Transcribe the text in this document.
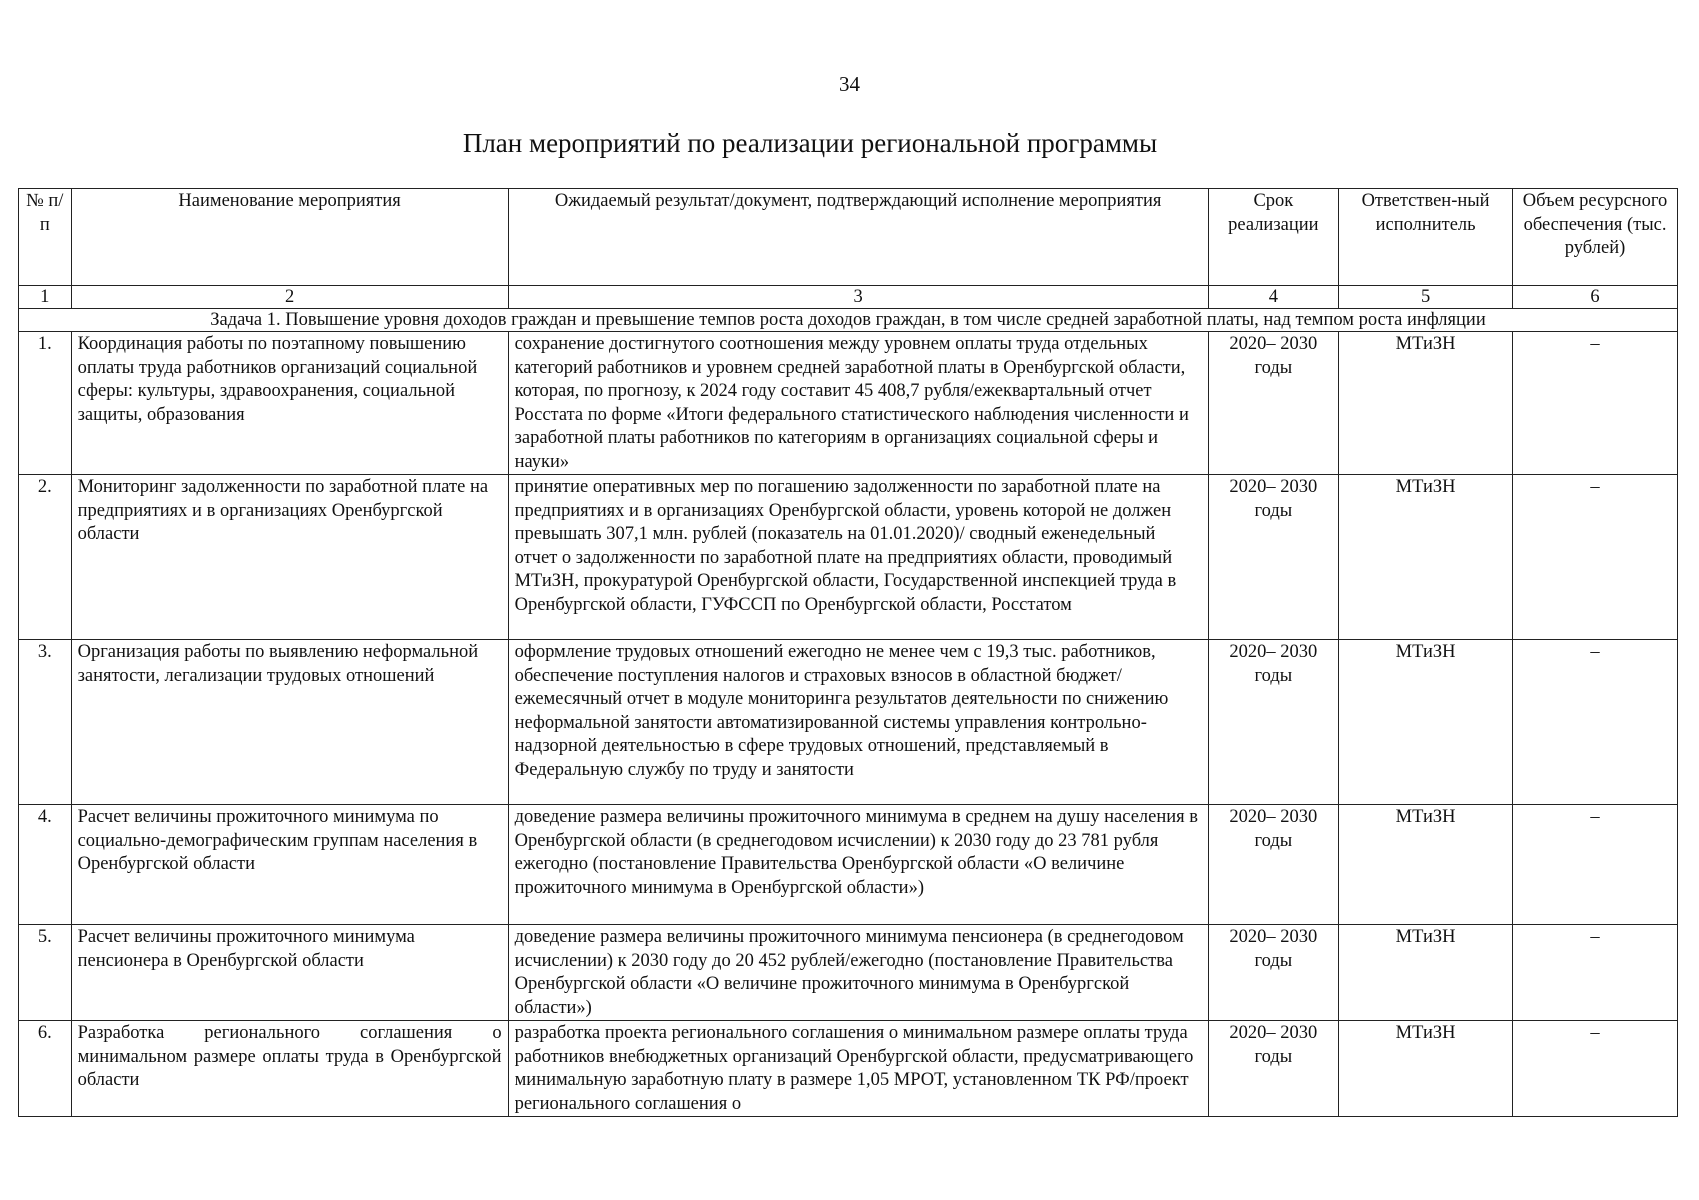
34
План мероприятий по реализации региональной программы
№ п/п	Наименование мероприятия	Ожидаемый результат/документ, подтверждающий исполнение мероприятия	Срок реализации	Ответствен-ный исполнитель	Объем ресурсного обеспечения (тыс. рублей)
1	2	3	4	5	6
Задача 1. Повышение уровня доходов граждан и превышение темпов роста доходов граждан, в том числе средней заработной платы, над темпом роста инфляции					
1.	Координация работы по поэтапному повышению оплаты труда работников организаций социальной сферы: культуры, здравоохранения, социальной защиты, образования	сохранение достигнутого соотношения между уровнем оплаты труда отдельных категорий работников и уровнем средней заработной платы в Оренбургской области, которая, по прогнозу, к 2024 году составит 45 408,7 рубля/ежеквартальный отчет Росстата по форме «Итоги федерального статистического наблюдения численности и заработной платы работников по категориям в организациях социальной сферы и науки»	2020– 2030 годы	МТиЗН	–
2.	Мониторинг задолженности по заработной плате на предприятиях и в организациях Оренбургской области	принятие оперативных мер по погашению задолженности по заработной плате на предприятиях и в организациях Оренбургской области, уровень которой не должен превышать 307,1 млн. рублей (показатель на 01.01.2020)/ сводный еженедельный отчет о задолженности по заработной плате на предприятиях области, проводимый МТиЗН, прокуратурой Оренбургской области, Государственной инспекцией труда в Оренбургской области, ГУФССП по Оренбургской области, Росстатом	2020– 2030 годы	МТиЗН	–
3.	Организация работы по выявлению неформальной занятости, легализации трудовых отношений	оформление трудовых отношений ежегодно не менее чем с 19,3 тыс. работников, обеспечение поступления налогов и страховых взносов в областной бюджет/ежемесячный отчет в модуле мониторинга результатов деятельности по снижению неформальной занятости автоматизированной системы управления контрольно-надзорной деятельностью в сфере трудовых отношений, представляемый в Федеральную службу по труду и занятости	2020– 2030 годы	МТиЗН	–
4.	Расчет величины прожиточного минимума по социально-демографическим группам населения в Оренбургской области	доведение размера величины прожиточного минимума в среднем на душу населения в Оренбургской области (в среднегодовом исчислении) к 2030 году до 23 781 рубля ежегодно (постановление Правительства Оренбургской области «О величине прожиточного минимума в Оренбургской области»)	2020– 2030 годы	МТиЗН	–
5.	Расчет величины прожиточного минимума пенсионера в Оренбургской области	доведение размера величины прожиточного минимума пенсионера (в среднегодовом исчислении) к 2030 году до 20 452 рублей/ежегодно (постановление Правительства Оренбургской области «О величине прожиточного минимума в Оренбургской области»)	2020– 2030 годы	МТиЗН	–
6.	Разработка регионального соглашения о минимальном размере оплаты труда в Оренбургской области	разработка проекта регионального соглашения о минимальном размере оплаты труда работников внебюджетных организаций Оренбургской области, предусматривающего минимальную заработную плату в размере 1,05 МРОТ, установленном ТК РФ/проект регионального соглашения о	2020– 2030 годы	МТиЗН	–
